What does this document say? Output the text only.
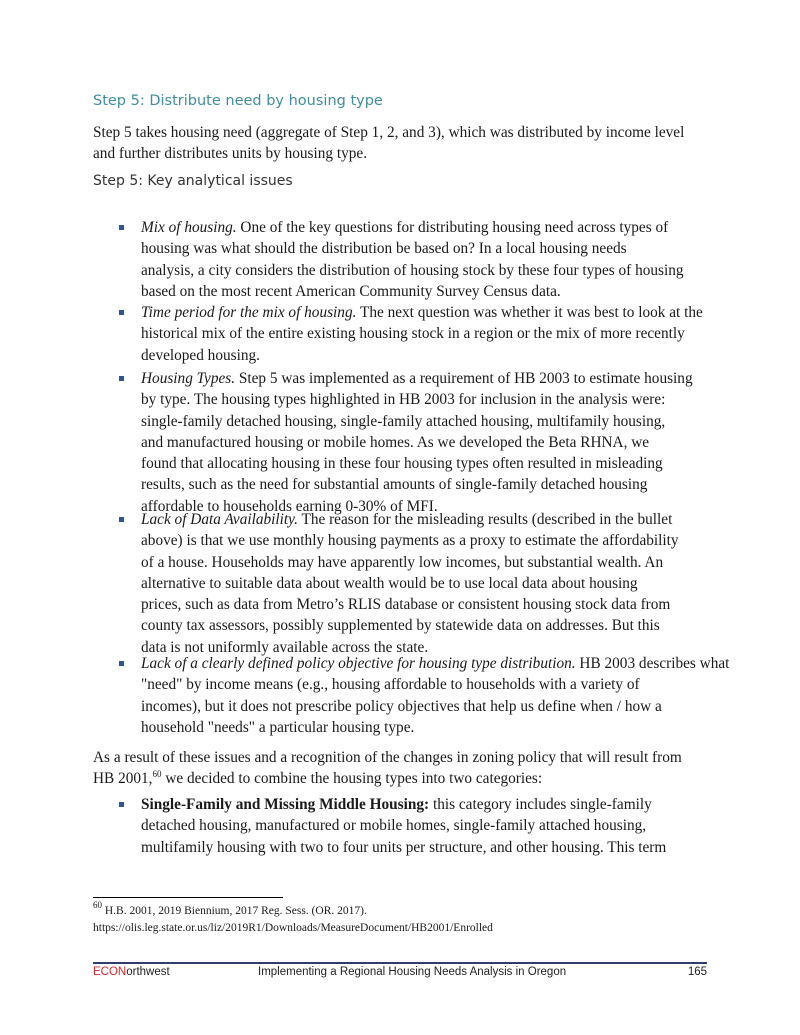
Step 5: Distribute need by housing type
Step 5 takes housing need (aggregate of Step 1, 2, and 3), which was distributed by income level
and further distributes units by housing type.
Step 5: Key analytical issues
Mix of housing. One of the key questions for distributing housing need across types of
housing was what should the distribution be based on? In a local housing needs
analysis, a city considers the distribution of housing stock by these four types of housing
based on the most recent American Community Survey Census data.
Time period for the mix of housing. The next question was whether it was best to look at the
historical mix of the entire existing housing stock in a region or the mix of more recently
developed housing.
Housing Types. Step 5 was implemented as a requirement of HB 2003 to estimate housing
by type. The housing types highlighted in HB 2003 for inclusion in the analysis were:
single-family detached housing, single-family attached housing, multifamily housing,
and manufactured housing or mobile homes. As we developed the Beta RHNA, we
found that allocating housing in these four housing types often resulted in misleading
results, such as the need for substantial amounts of single-family detached housing
affordable to households earning 0-30% of MFI.
Lack of Data Availability. The reason for the misleading results (described in the bullet
above) is that we use monthly housing payments as a proxy to estimate the affordability
of a house. Households may have apparently low incomes, but substantial wealth. An
alternative to suitable data about wealth would be to use local data about housing
prices, such as data from Metro’s RLIS database or consistent housing stock data from
county tax assessors, possibly supplemented by statewide data on addresses. But this
data is not uniformly available across the state.
Lack of a clearly defined policy objective for housing type distribution. HB 2003 describes what
"need" by income means (e.g., housing affordable to households with a variety of
incomes), but it does not prescribe policy objectives that help us define when / how a
household "needs" a particular housing type.
As a result of these issues and a recognition of the changes in zoning policy that will result from
HB 2001,60 we decided to combine the housing types into two categories:
Single-Family and Missing Middle Housing: this category includes single-family
detached housing, manufactured or mobile homes, single-family attached housing,
multifamily housing with two to four units per structure, and other housing. This term
$^{60}$ H.B. 2001, 2019 Biennium, 2017 Reg. Sess. (OR. 2017).
https://olis.leg.state.or.us/liz/2019R1/Downloads/MeasureDocument/HB2001/Enrolled
ECONorthwest	Implementing a Regional Housing Needs Analysis in Oregon	165
